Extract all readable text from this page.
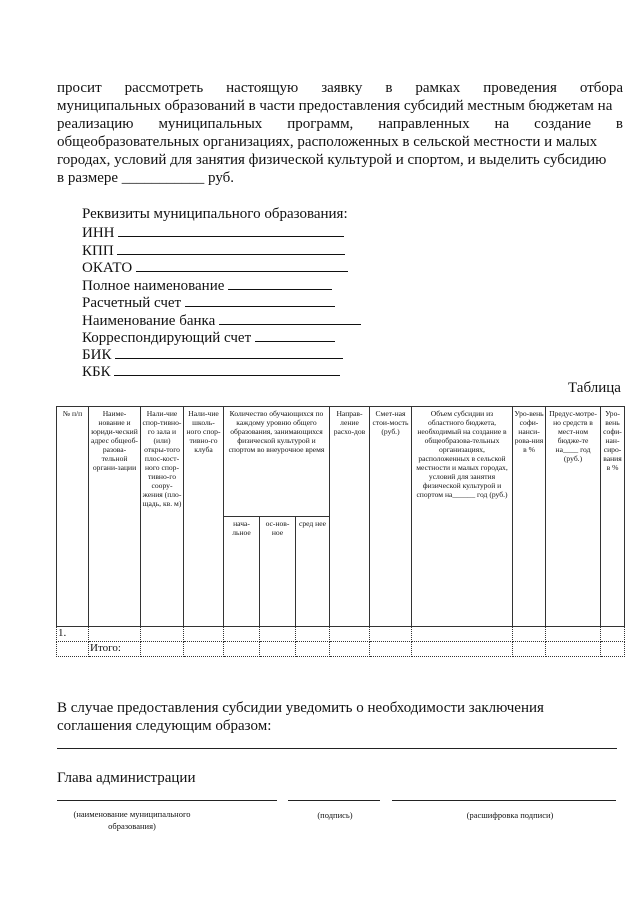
просит рассмотреть настоящую заявку в рамках проведения отбора
муниципальных образований в части предоставления субсидий местным бюджетам на
реализацию муниципальных программ, направленных на создание в
общеобразовательных организациях, расположенных в сельской местности и малых
городах, условий для занятия физической культурой и спортом, и выделить субсидию
в размере ___________ руб.
Реквизиты муниципального образования:
ИНН
КПП
ОКАТО
Полное наименование
Расчетный счет
Наименование банка
Корреспондирующий счет
БИК
КБК
Таблица
№ п/п	Наиме-нование и юриди-ческий адрес общеоб-разова-тельной органи-зации	Нали-чие спор-тивно-го зала и (или) откры-того плос-кост-ного спор-тивно-го соору-жения (пло-щадь, кв. м)	Нали-чие школь-ного спор-тивно-го клуба	Количество обучающихся по каждому уровню общего образования, занимающихся физической культурой и спортом во внеурочное время			Направ-ление расхо-дов	Смет-ная стои-мость (руб.)	Объем субсидии из областного бюджета, необходимый на создание в общеобразова-тельных организациях, расположенных в сельской местности и малых городах, условий для занятия физической культурой и спортом на______ год (руб.)	Уро-вень софи-нанси-рова-ния в %	Предус-мотре-но средств в мест-ном бюдже-те на____ год (руб.)	Уро-вень софи-нан-сиро-вания в %
				нача-льное	ос-нов-ное	сред нее						
1.												
	Итого:											
В случае предоставления субсидии уведомить о необходимости заключения
соглашения следующим образом:
Глава администрации
(наименование муниципального образования)
(подпись)	(расшифровка подписи)
